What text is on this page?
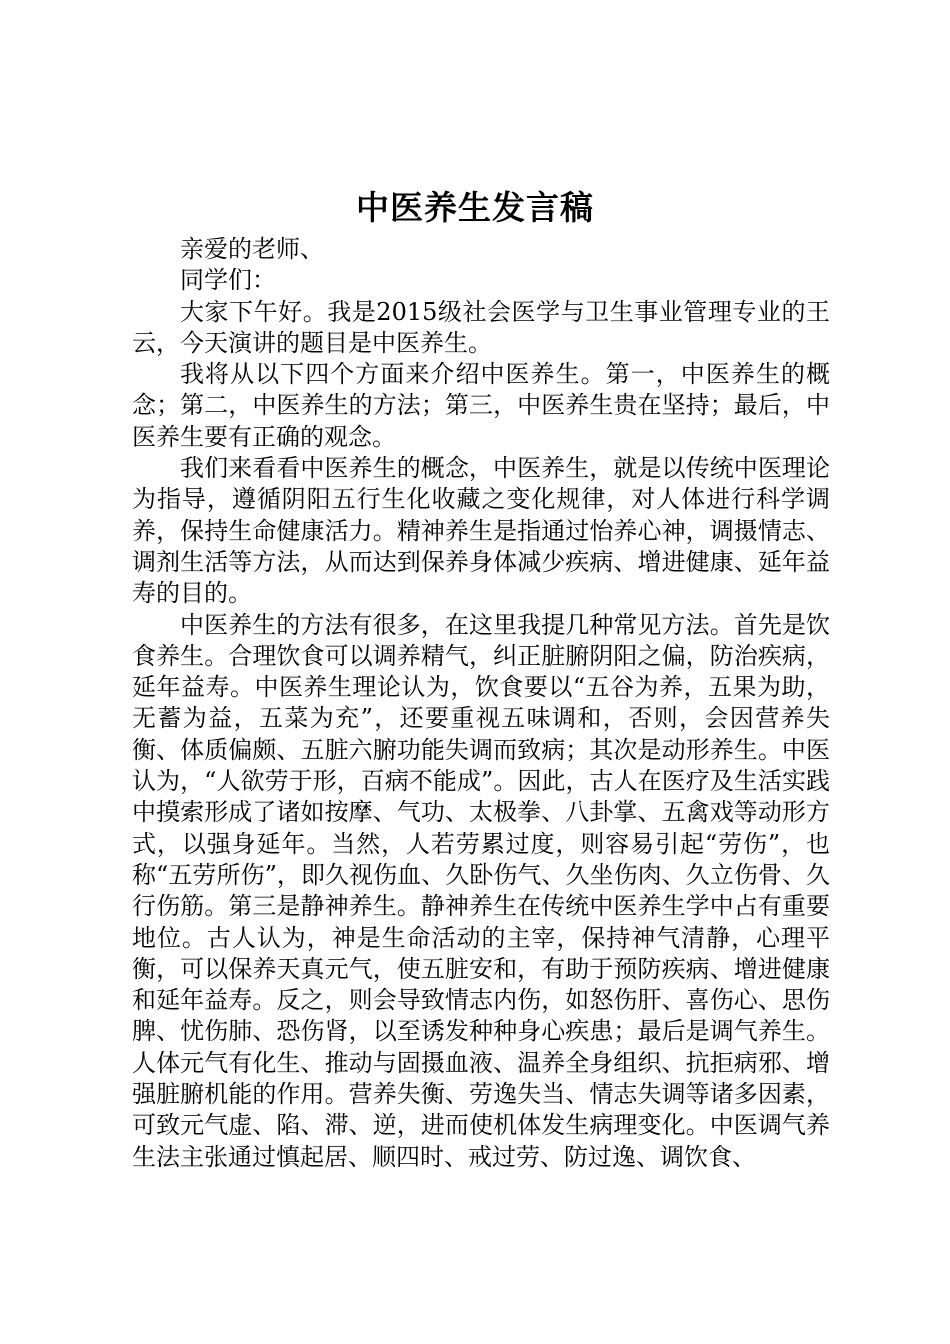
中医养生发言稿

亲爱的老师、

同学们：

大家下午好。我是2015级社会医学与卫生事业管理专业的王云，今天演讲的题目是中医养生。

我将从以下四个方面来介绍中医养生。第一，中医养生的概念；第二，中医养生的方法；第三，中医养生贵在坚持；最后，中医养生要有正确的观念。

我们来看看中医养生的概念，中医养生，就是以传统中医理论为指导，遵循阴阳五行生化收藏之变化规律，对人体进行科学调养，保持生命健康活力。精神养生是指通过怡养心神，调摄情志、调剂生活等方法，从而达到保养身体减少疾病、增进健康、延年益寿的目的。

中医养生的方法有很多，在这里我提几种常见方法。首先是饮食养生。合理饮食可以调养精气，纠正脏腑阴阳之偏，防治疾病，延年益寿。中医养生理论认为，饮食要以“五谷为养，五果为助，无蓄为益，五菜为充”，还要重视五味调和，否则，会因营养失衡、体质偏颇、五脏六腑功能失调而致病；其次是动形养生。中医认为，“人欲劳于形，百病不能成”。因此，古人在医疗及生活实践中摸索形成了诸如按摩、气功、太极拳、八卦掌、五禽戏等动形方式，以强身延年。当然，人若劳累过度，则容易引起“劳伤”，也称“五劳所伤”，即久视伤血、久卧伤气、久坐伤肉、久立伤骨、久行伤筋。第三是静神养生。静神养生在传统中医养生学中占有重要地位。古人认为，神是生命活动的主宰，保持神气清静，心理平衡，可以保养天真元气，使五脏安和，有助于预防疾病、增进健康和延年益寿。反之，则会导致情志内伤，如怒伤肝、喜伤心、思伤脾、忧伤肺、恐伤肾，以至诱发种种身心疾患；最后是调气养生。人体元气有化生、推动与固摄血液、温养全身组织、抗拒病邪、增强脏腑机能的作用。营养失衡、劳逸失当、情志失调等诸多因素，可致元气虚、陷、滞、逆，进而使机体发生病理变化。中医调气养生法主张通过慎起居、顺四时、戒过劳、防过逸、调饮食、
